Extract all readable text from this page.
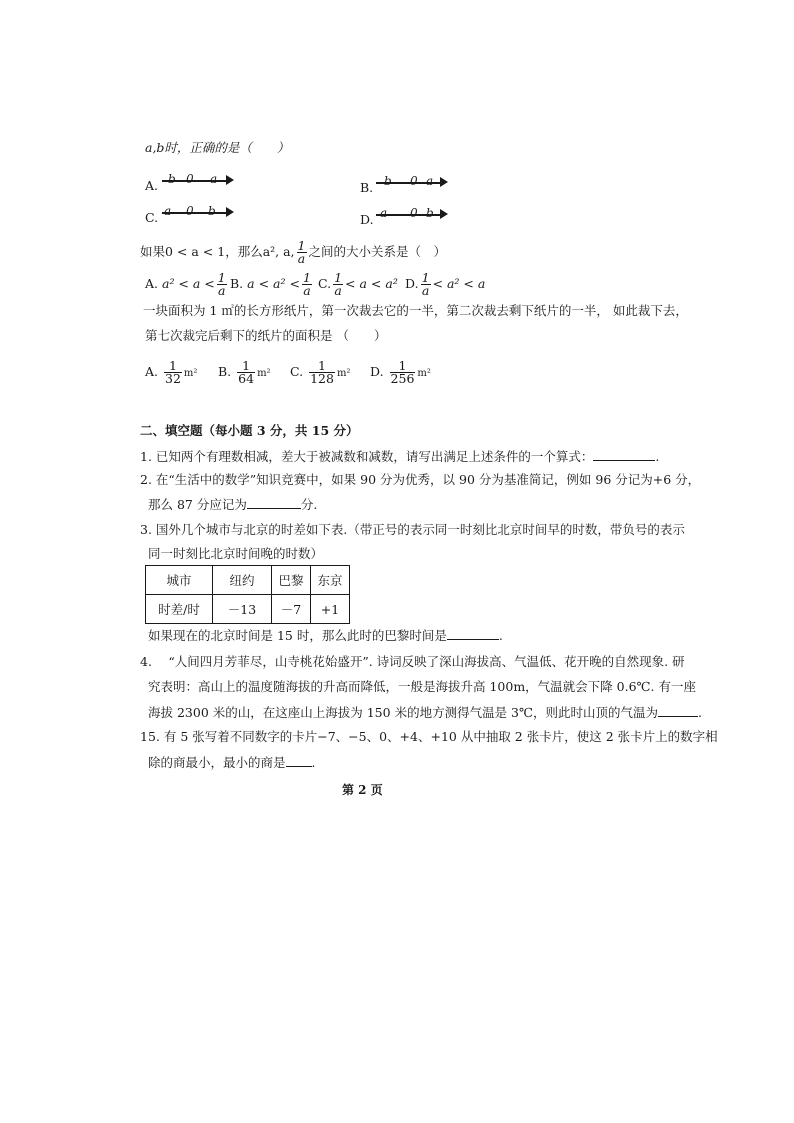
a,b时，正确的是（　　）
A. b 0 a
B. b 0 a
C. a 0 b
D. a 0 b
如果0 < a < 1，那么a², a, $\frac{1}{a}$ 之间的大小关系是（　）
A. $a^2 < a < \frac{1}{a} B$. $a < a^2 < \frac{1}{a} C$. $\frac{1}{a} < a < a^2$ D. $\frac{1}{a} < a^2 < a$
一块面积为 1 ㎡的长方形纸片，第一次裁去它的一半，第二次裁去剩下纸片的一半， 如此裁下去，
第七次裁完后剩下的纸片的面积是 （　　）
A. $\frac{1}{32} m^2$ B. $\frac{1}{64} m^2$ C. $\frac{1}{128} m^2$ D. $\frac{1}{256} m^2$
二、填空题（每小题 3 分，共 15 分）
1. 已知两个有理数相减，差大于被减数和减数，请写出满足上述条件的一个算式：	.
2. 在“生活中的数学”知识竞赛中，如果 90 分为优秀，以 90 分为基准简记，例如 96 分记为+6 分，
那么 87 分应记为	分.
3. 国外几个城市与北京的时差如下表.（带正号的表示同一时刻比北京时间早的时数，带负号的表示
同一时刻比北京时间晚的时数）
城市	纽约	巴黎	东京
时差/时	－13	－7	+1
如果现在的北京时间是 15 时，那么此时的巴黎时间是	.
4.　 “人间四月芳菲尽，山寺桃花始盛开”. 诗词反映了深山海拔高、气温低、花开晚的自然现象. 研
究表明：高山上的温度随海拔的升高而降低，一般是海拔升高 100m，气温就会下降 0.6℃. 有一座
海拔 2300 米的山，在这座山上海拔为 150 米的地方测得气温是 3℃，则此时山顶的气温为	.
15. 有 5 张写着不同数字的卡片−7、−5、0、+4、+10 从中抽取 2 张卡片，使这 2 张卡片上的数字相
除的商最小，最小的商是 .
第 2 页
